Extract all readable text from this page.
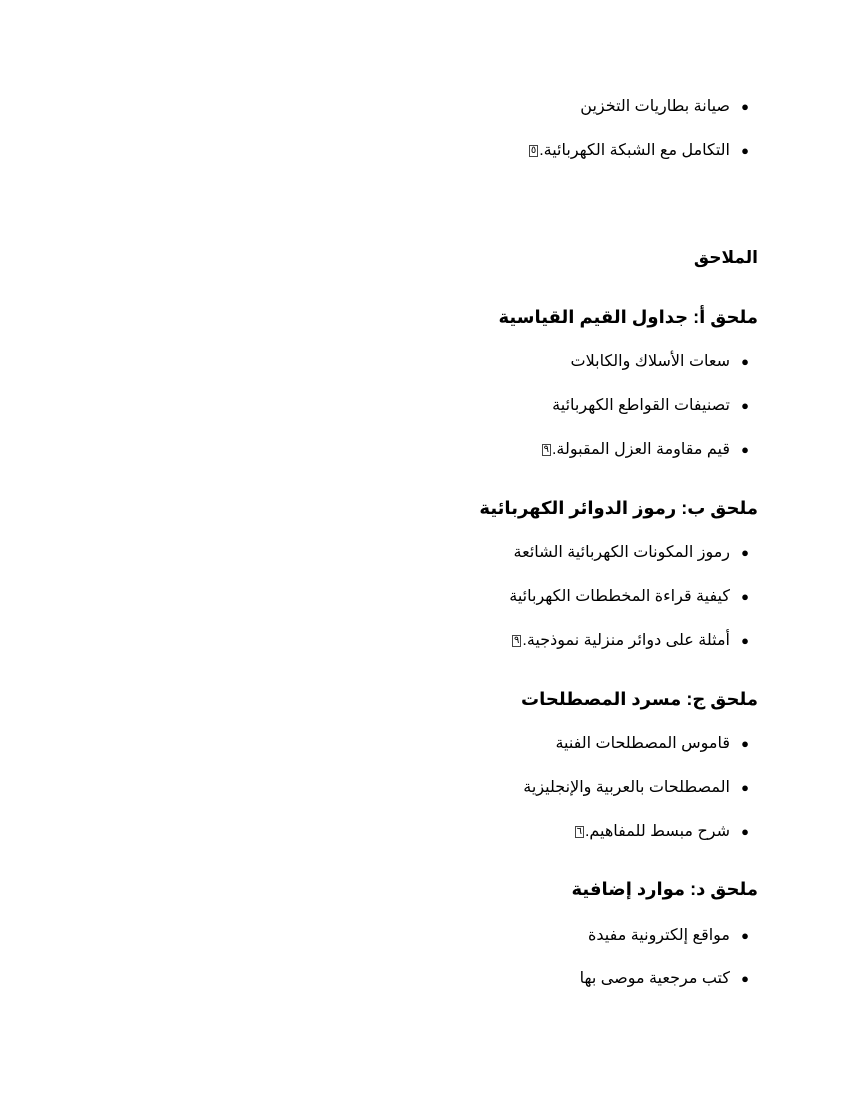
●
صيانة بطاريات التخزين
●
التكامل مع الشبكة الكهربائية.
٥
الملاحق
ملحق أ: جداول القيم القياسية
●
سعات الأسلاك والكابلات
●
تصنيفات القواطع الكهربائية
●
قيم مقاومة العزل المقبولة.
٩
ملحق ب: رموز الدوائر الكهربائية
●
رموز المكونات الكهربائية الشائعة
●
كيفية قراءة المخططات الكهربائية
●
أمثلة على دوائر منزلية نموذجية.
٩
ملحق ج: مسرد المصطلحات
●
قاموس المصطلحات الفنية
●
المصطلحات بالعربية والإنجليزية
●
شرح مبسط للمفاهيم.
٦
ملحق د: موارد إضافية
●
مواقع إلكترونية مفيدة
●
كتب مرجعية موصى بها
